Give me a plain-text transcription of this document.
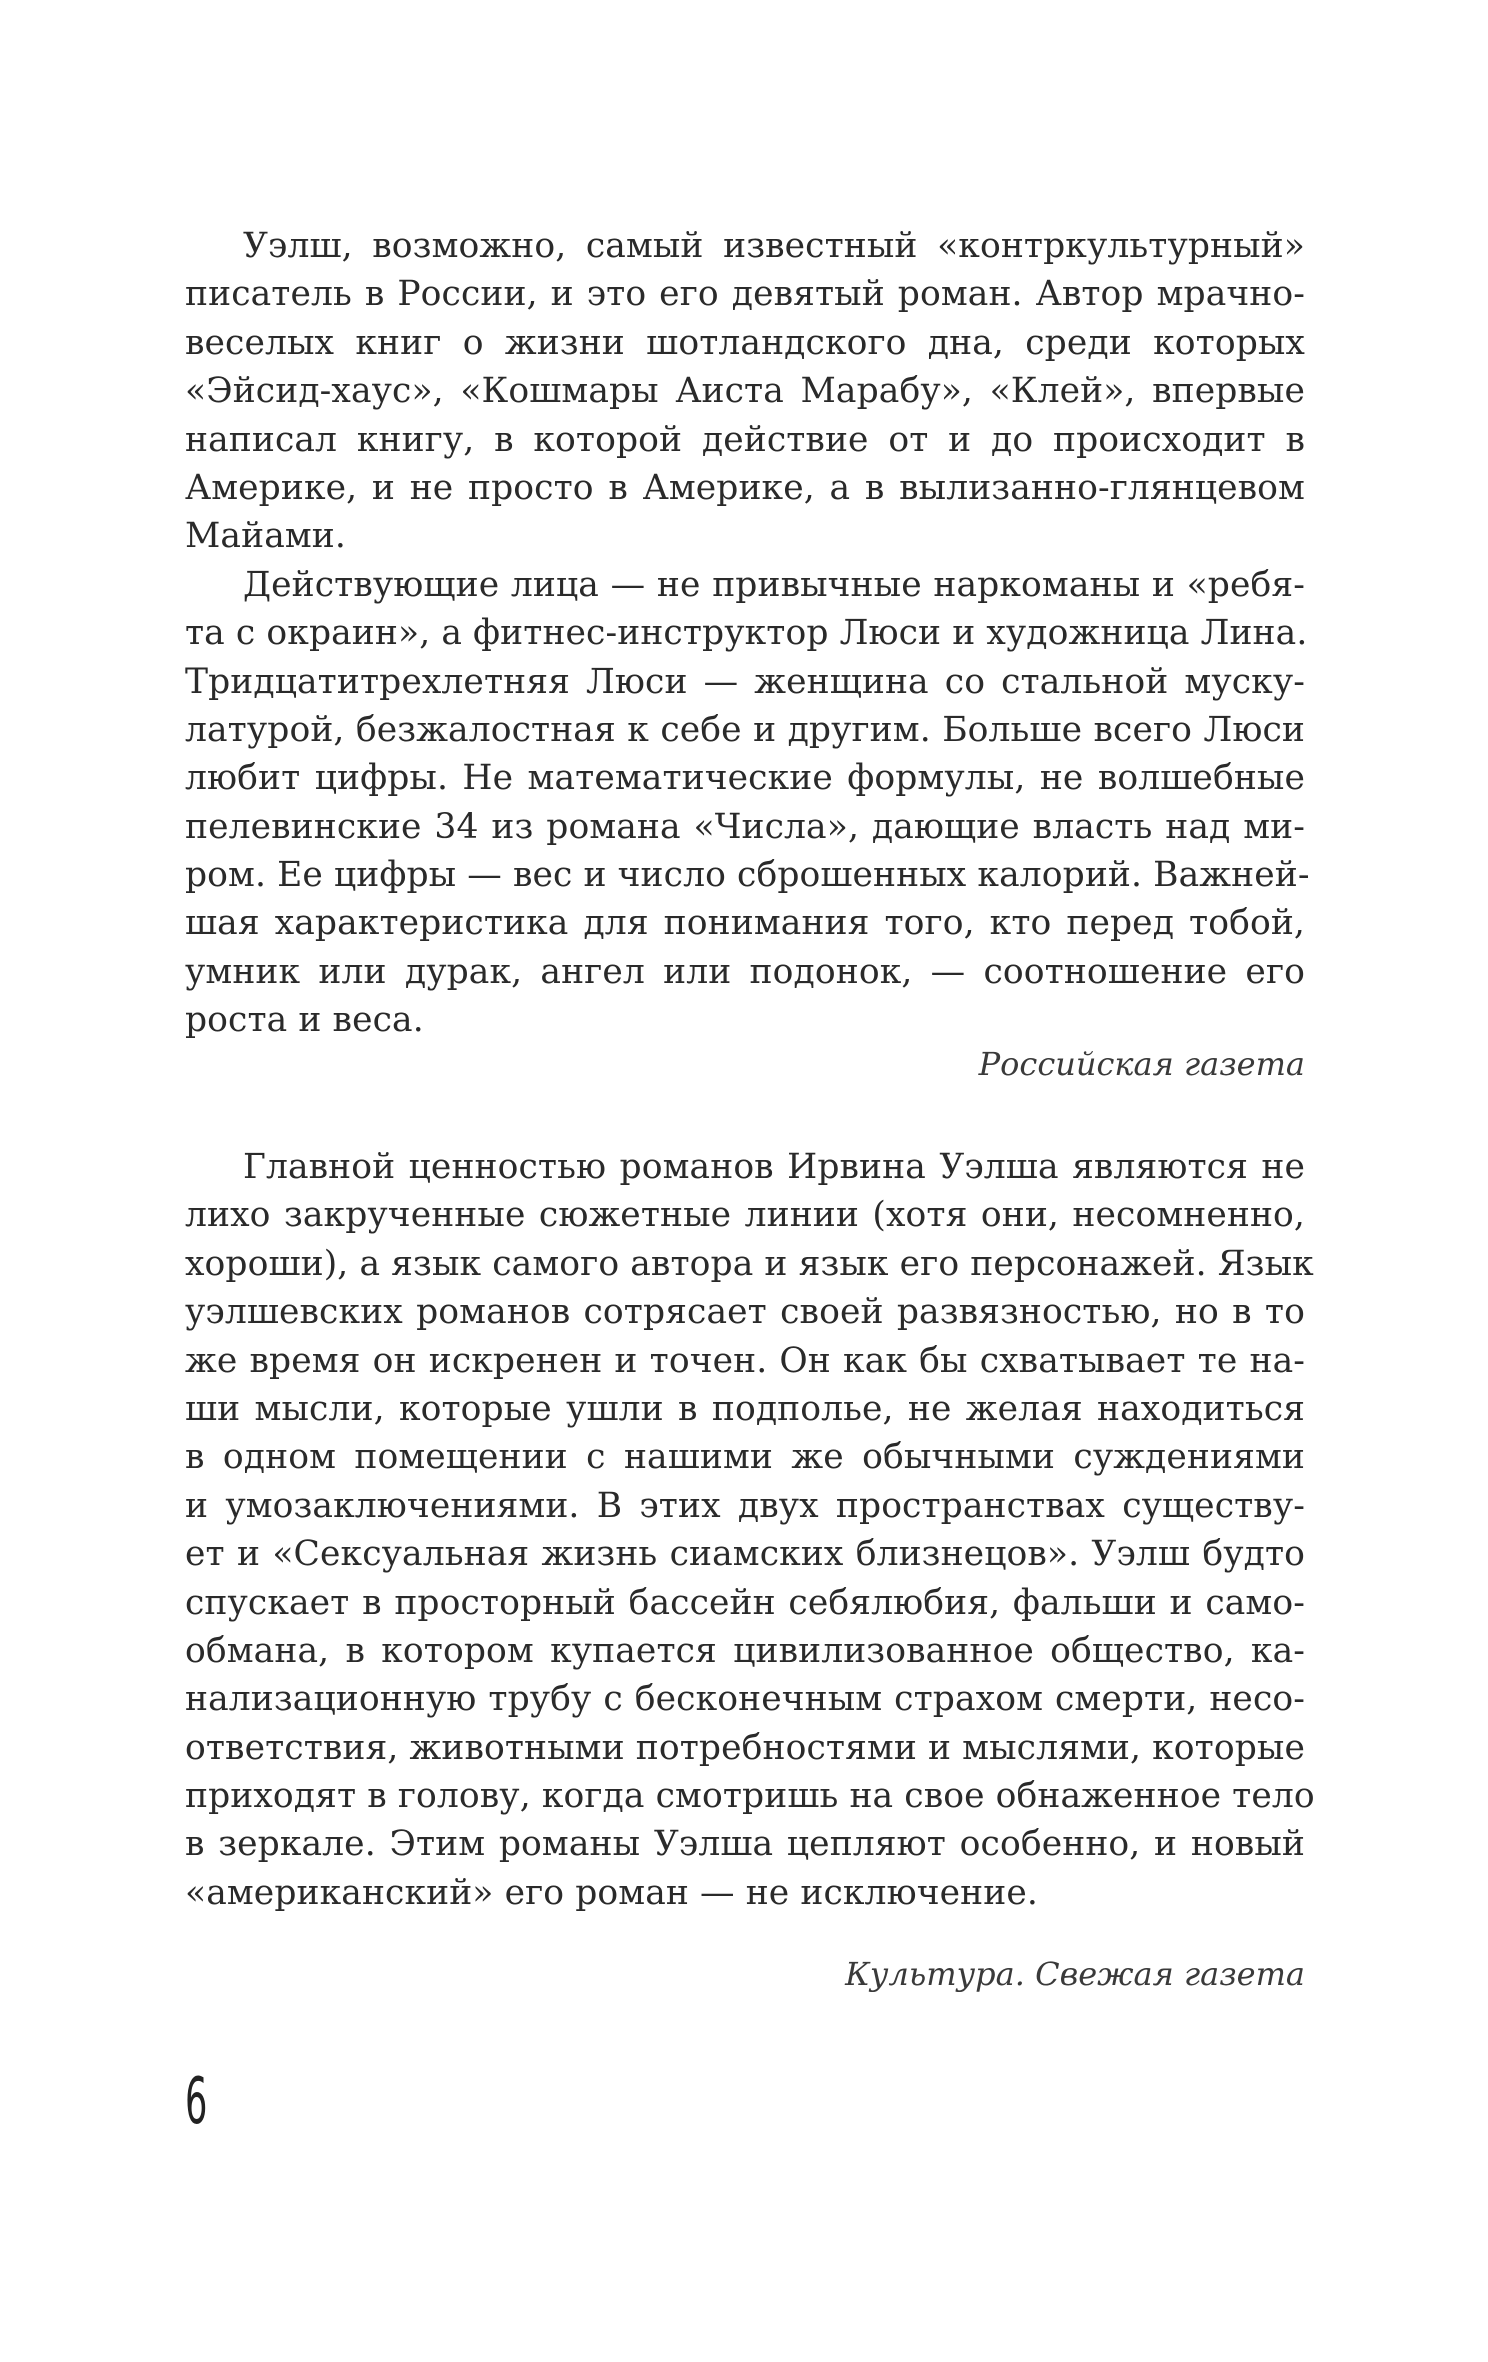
Уэлш, возможно, самый известный «контркультурный»
писатель в России, и это его девятый роман. Автор мрачно-
веселых книг о жизни шотландского дна, среди которых
«Эйсид-хаус», «Кошмары Аиста Марабу», «Клей», впервые
написал книгу, в которой действие от и до происходит в
Америке, и не просто в Америке, а в вылизанно-глянцевом
Майами.
Действующие лица — не привычные наркоманы и «ребя-
та с окраин», а фитнес-инструктор Люси и художница Лина.
Тридцатитрехлетняя Люси — женщина со стальной муску-
латурой, безжалостная к себе и другим. Больше всего Люси
любит цифры. Не математические формулы, не волшебные
пелевинские 34 из романа «Числа», дающие власть над ми-
ром. Ее цифры — вес и число сброшенных калорий. Важней-
шая характеристика для понимания того, кто перед тобой,
умник или дурак, ангел или подонок, — соотношение его
роста и веса.
Российская газета
Главной ценностью романов Ирвина Уэлша являются не
лихо закрученные сюжетные линии (хотя они, несомненно,
хороши), а язык самого автора и язык его персонажей. Язык
уэлшевских романов сотрясает своей развязностью, но в то
же время он искренен и точен. Он как бы схватывает те на-
ши мысли, которые ушли в подполье, не желая находиться
в одном помещении с нашими же обычными суждениями
и умозаключениями. В этих двух пространствах существу-
ет и «Сексуальная жизнь сиамских близнецов». Уэлш будто
спускает в просторный бассейн себялюбия, фальши и само-
обмана, в котором купается цивилизованное общество, ка-
нализационную трубу с бесконечным страхом смерти, несо-
ответствия, животными потребностями и мыслями, которые
приходят в голову, когда смотришь на свое обнаженное тело
в зеркале. Этим романы Уэлша цепляют особенно, и новый
«американский» его роман — не исключение.
Культура. Свежая газета
6
